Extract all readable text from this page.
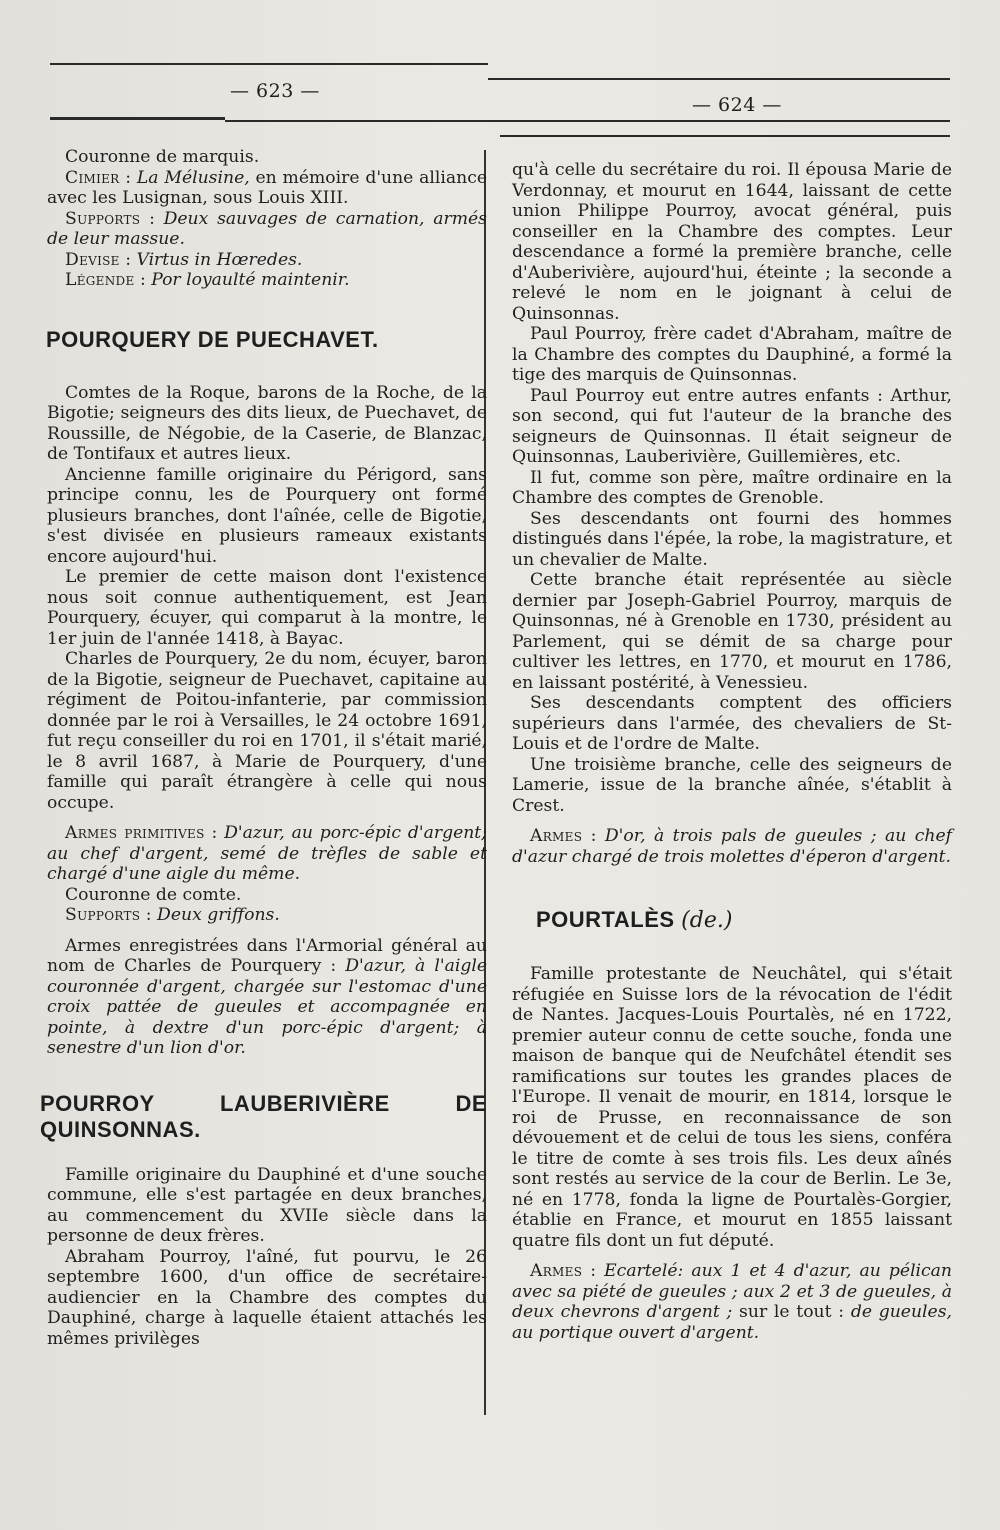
— 623 —
— 624 —

Couronne de marquis.

Cimier : La Mélusine, en mémoire d'une alliance avec les Lusignan, sous Louis XIII.

Supports : Deux sauvages de carnation, armés de leur massue.

Devise : Virtus in Hœredes.

Légende : Por loyaulté maintenir.

POURQUERY DE PUECHAVET.

Comtes de la Roque, barons de la Roche, de la Bigotie; seigneurs des dits lieux, de Puechavet, de Roussille, de Négobie, de la Caserie, de Blanzac, de Tontifaux et autres lieux.

Ancienne famille originaire du Périgord, sans principe connu, les de Pourquery ont formé plusieurs branches, dont l'aînée, celle de Bigotie, s'est divisée en plusieurs rameaux existants encore aujourd'hui.

Le premier de cette maison dont l'existence nous soit connue authentiquement, est Jean Pourquery, écuyer, qui comparut à la montre, le 1er juin de l'année 1418, à Bayac.

Charles de Pourquery, 2e du nom, écuyer, baron de la Bigotie, seigneur de Puechavet, capitaine au régiment de Poitou-infanterie, par commission donnée par le roi à Versailles, le 24 octobre 1691, fut reçu conseiller du roi en 1701, il s'était marié, le 8 avril 1687, à Marie de Pourquery, d'une famille qui paraît étrangère à celle qui nous occupe.

Armes primitives : D'azur, au porc-épic d'argent; au chef d'argent, semé de trèfles de sable et chargé d'une aigle du même.

Couronne de comte.

Supports : Deux griffons.

Armes enregistrées dans l'Armorial général au nom de Charles de Pourquery : D'azur, à l'aigle couronnée d'argent, chargée sur l'estomac d'une croix pattée de gueules et accompagnée en pointe, à dextre d'un porc-épic d'argent; à senestre d'un lion d'or.

POURROY LAUBERIVIÈRE DE QUINSONNAS.

Famille originaire du Dauphiné et d'une souche commune, elle s'est partagée en deux branches, au commencement du XVIIe siècle dans la personne de deux frères.

Abraham Pourroy, l'aîné, fut pourvu, le 26 septembre 1600, d'un office de secrétaire-audiencier en la Chambre des comptes du Dauphiné, charge à laquelle étaient attachés les mêmes privilèges

qu'à celle du secrétaire du roi. Il épousa Marie de Verdonnay, et mourut en 1644, laissant de cette union Philippe Pourroy, avocat général, puis conseiller en la Chambre des comptes. Leur descendance a formé la première branche, celle d'Auberivière, aujourd'hui, éteinte ; la seconde a relevé le nom en le joignant à celui de Quinsonnas.

Paul Pourroy, frère cadet d'Abraham, maître de la Chambre des comptes du Dauphiné, a formé la tige des marquis de Quinsonnas.

Paul Pourroy eut entre autres enfants : Arthur, son second, qui fut l'auteur de la branche des seigneurs de Quinsonnas. Il était seigneur de Quinsonnas, Lauberivière, Guillemières, etc.

Il fut, comme son père, maître ordinaire en la Chambre des comptes de Grenoble.

Ses descendants ont fourni des hommes distingués dans l'épée, la robe, la magistrature, et un chevalier de Malte.

Cette branche était représentée au siècle dernier par Joseph-Gabriel Pourroy, marquis de Quinsonnas, né à Grenoble en 1730, président au Parlement, qui se démit de sa charge pour cultiver les lettres, en 1770, et mourut en 1786, en laissant postérité, à Venessieu.

Ses descendants comptent des officiers supérieurs dans l'armée, des chevaliers de St-Louis et de l'ordre de Malte.

Une troisième branche, celle des seigneurs de Lamerie, issue de la branche aînée, s'établit à Crest.

Armes : D'or, à trois pals de gueules ; au chef d'azur chargé de trois molettes d'éperon d'argent.

POURTALÈS (de.)

Famille protestante de Neuchâtel, qui s'était réfugiée en Suisse lors de la révocation de l'édit de Nantes. Jacques-Louis Pourtalès, né en 1722, premier auteur connu de cette souche, fonda une maison de banque qui de Neufchâtel étendit ses ramifications sur toutes les grandes places de l'Europe. Il venait de mourir, en 1814, lorsque le roi de Prusse, en reconnaissance de son dévouement et de celui de tous les siens, conféra le titre de comte à ses trois fils. Les deux aînés sont restés au service de la cour de Berlin. Le 3e, né en 1778, fonda la ligne de Pourtalès-Gorgier, établie en France, et mourut en 1855 laissant quatre fils dont un fut député.

Armes : Ecartelé: aux 1 et 4 d'azur, au pélican avec sa piété de gueules ; aux 2 et 3 de gueules, à deux chevrons d'argent ; sur le tout : de gueules, au portique ouvert d'argent.
